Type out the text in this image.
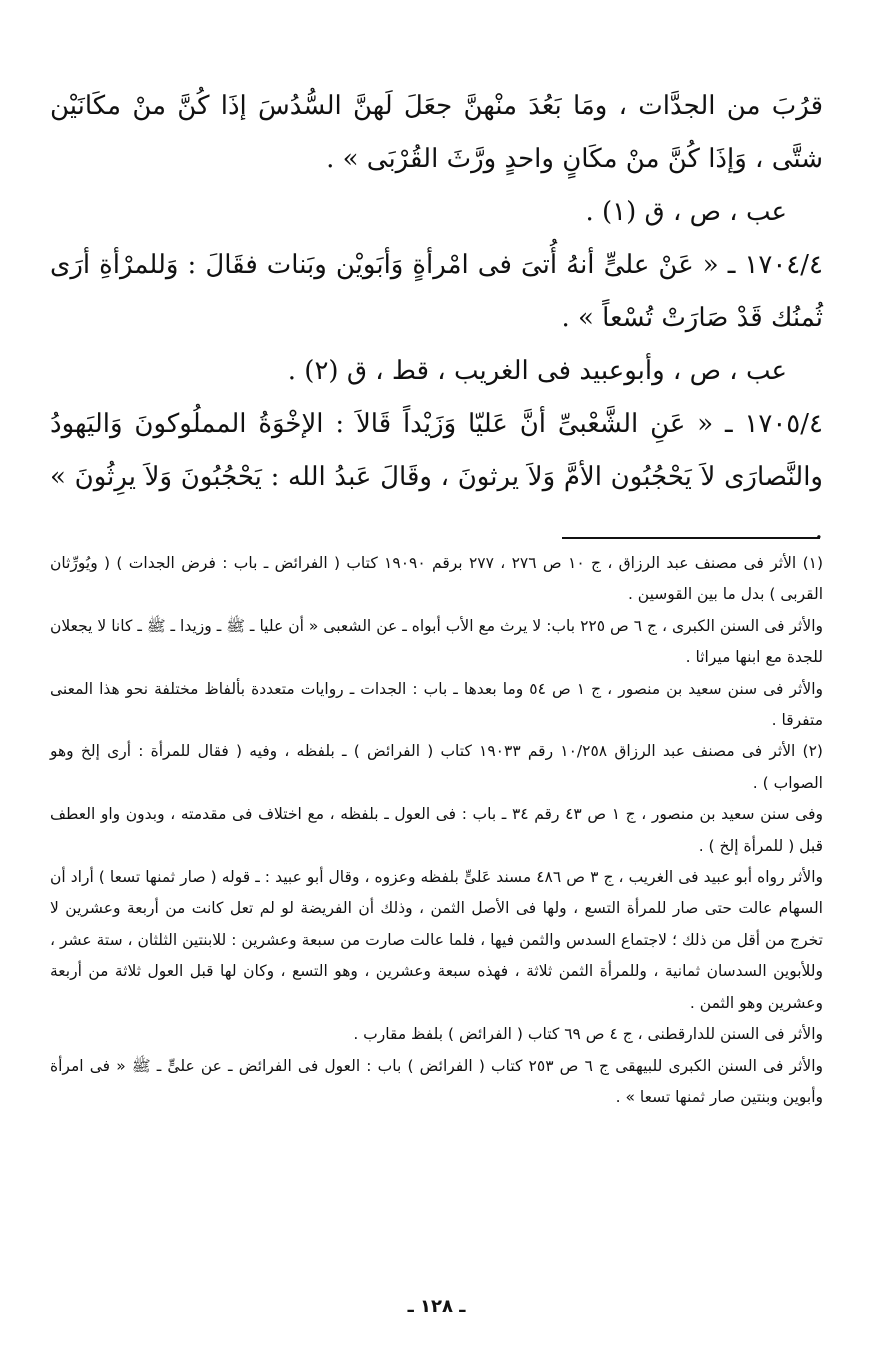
قرُبَ من الجدَّات ، ومَا بَعُدَ منْهنَّ جعَلَ لَهنَّ السُّدُسَ إذَا كُنَّ منْ مكَانَيْن شتَّى ، وَإذَا كُنَّ منْ مكَانٍ واحدٍ ورَّثَ القُرْبَى » .

عب ، ص ، ق (١) .

١٧٠٤/٤ ـ « عَنْ علىٍّ أنهُ أُتىَ فى امْرأةٍ وَأبَويْن وبَنات فقَالَ : وَللمرْأةِ أرَى ثُمنُك قَدْ صَارَتْ تُسْعاً » .

عب ، ص ، وأبوعبيد فى الغريب ، قط ، ق (٢) .

١٧٠٥/٤ ـ « عَنِ الشَّعْبىِّ أنَّ عَليّا وَزَيْداً قَالاَ : الإخْوَةُ المملُوكونَ وَاليَهودُ والنَّصارَى لاَ يَحْجُبُون الأمَّ وَلاَ يرثونَ ، وقَالَ عَبدُ الله : يَحْجُبُونَ وَلاَ يرِثُونَ » .

(١) الأثر فى مصنف عبد الرزاق ، ج ١٠ ص ٢٧٦ ، ٢٧٧ برقم ١٩٠٩٠ كتاب ( الفرائض ـ باب : فرض الجدات ) ( ويُورِّثان القربى ) بدل ما بين القوسين .

والأثر فى السنن الكبرى ، ج ٦ ص ٢٢٥ باب: لا يرث مع الأب أبواه ـ عن الشعبى « أن عليا ـ ﷺ ـ وزيدا ـ ﷺ ـ كانا لا يجعلان للجدة مع ابنها ميراثا .

والأثر فى سنن سعيد بن منصور ، ج ١ ص ٥٤ وما بعدها ـ باب : الجدات ـ روايات متعددة بألفاظ مختلفة نحو هذا المعنى متفرقا .

(٢) الأثر فى مصنف عبد الرزاق ١٠/٢٥٨ رقم ١٩٠٣٣ كتاب ( الفرائض ) ـ بلفظه ، وفيه ( فقال للمرأة : أرى إلخ وهو الصواب ) .

وفى سنن سعيد بن منصور ، ج ١ ص ٤٣ رقم ٣٤ ـ باب : فى العول ـ بلفظه ، مع اختلاف فى مقدمته ، وبدون واو العطف قبل ( للمرأة إلخ ) .

والأثر رواه أبو عبيد فى الغريب ، ج ٣ ص ٤٨٦ مسند عَلىٍّ بلفظه وعزوه ، وقال أبو عبيد : ـ قوله ( صار ثمنها تسعا ) أراد أن السهام عالت حتى صار للمرأة التسع ، ولها فى الأصل الثمن ، وذلك أن الفريضة لو لم تعل كانت من أربعة وعشرين لا تخرج من أقل من ذلك ؛ لاجتماع السدس والثمن فيها ، فلما عالت صارت من سبعة وعشرين : للابنتين الثلثان ، ستة عشر ، وللأبوين السدسان ثمانية ، وللمرأة الثمن ثلاثة ، فهذه سبعة وعشرين ، وهو التسع ، وكان لها قبل العول ثلاثة من أربعة وعشرين وهو الثمن .

والأثر فى السنن للدارقطنى ، ج ٤ ص ٦٩ كتاب ( الفرائض ) بلفظ مقارب .

والأثر فى السنن الكبرى للبيهقى ج ٦ ص ٢٥٣ كتاب ( الفرائض ) باب : العول فى الفرائض ـ عن علىٍّ ـ ﷺ « فى امرأة وأبوين وبنتين صار ثمنها تسعا » .

ـ ١٢٨ ـ
